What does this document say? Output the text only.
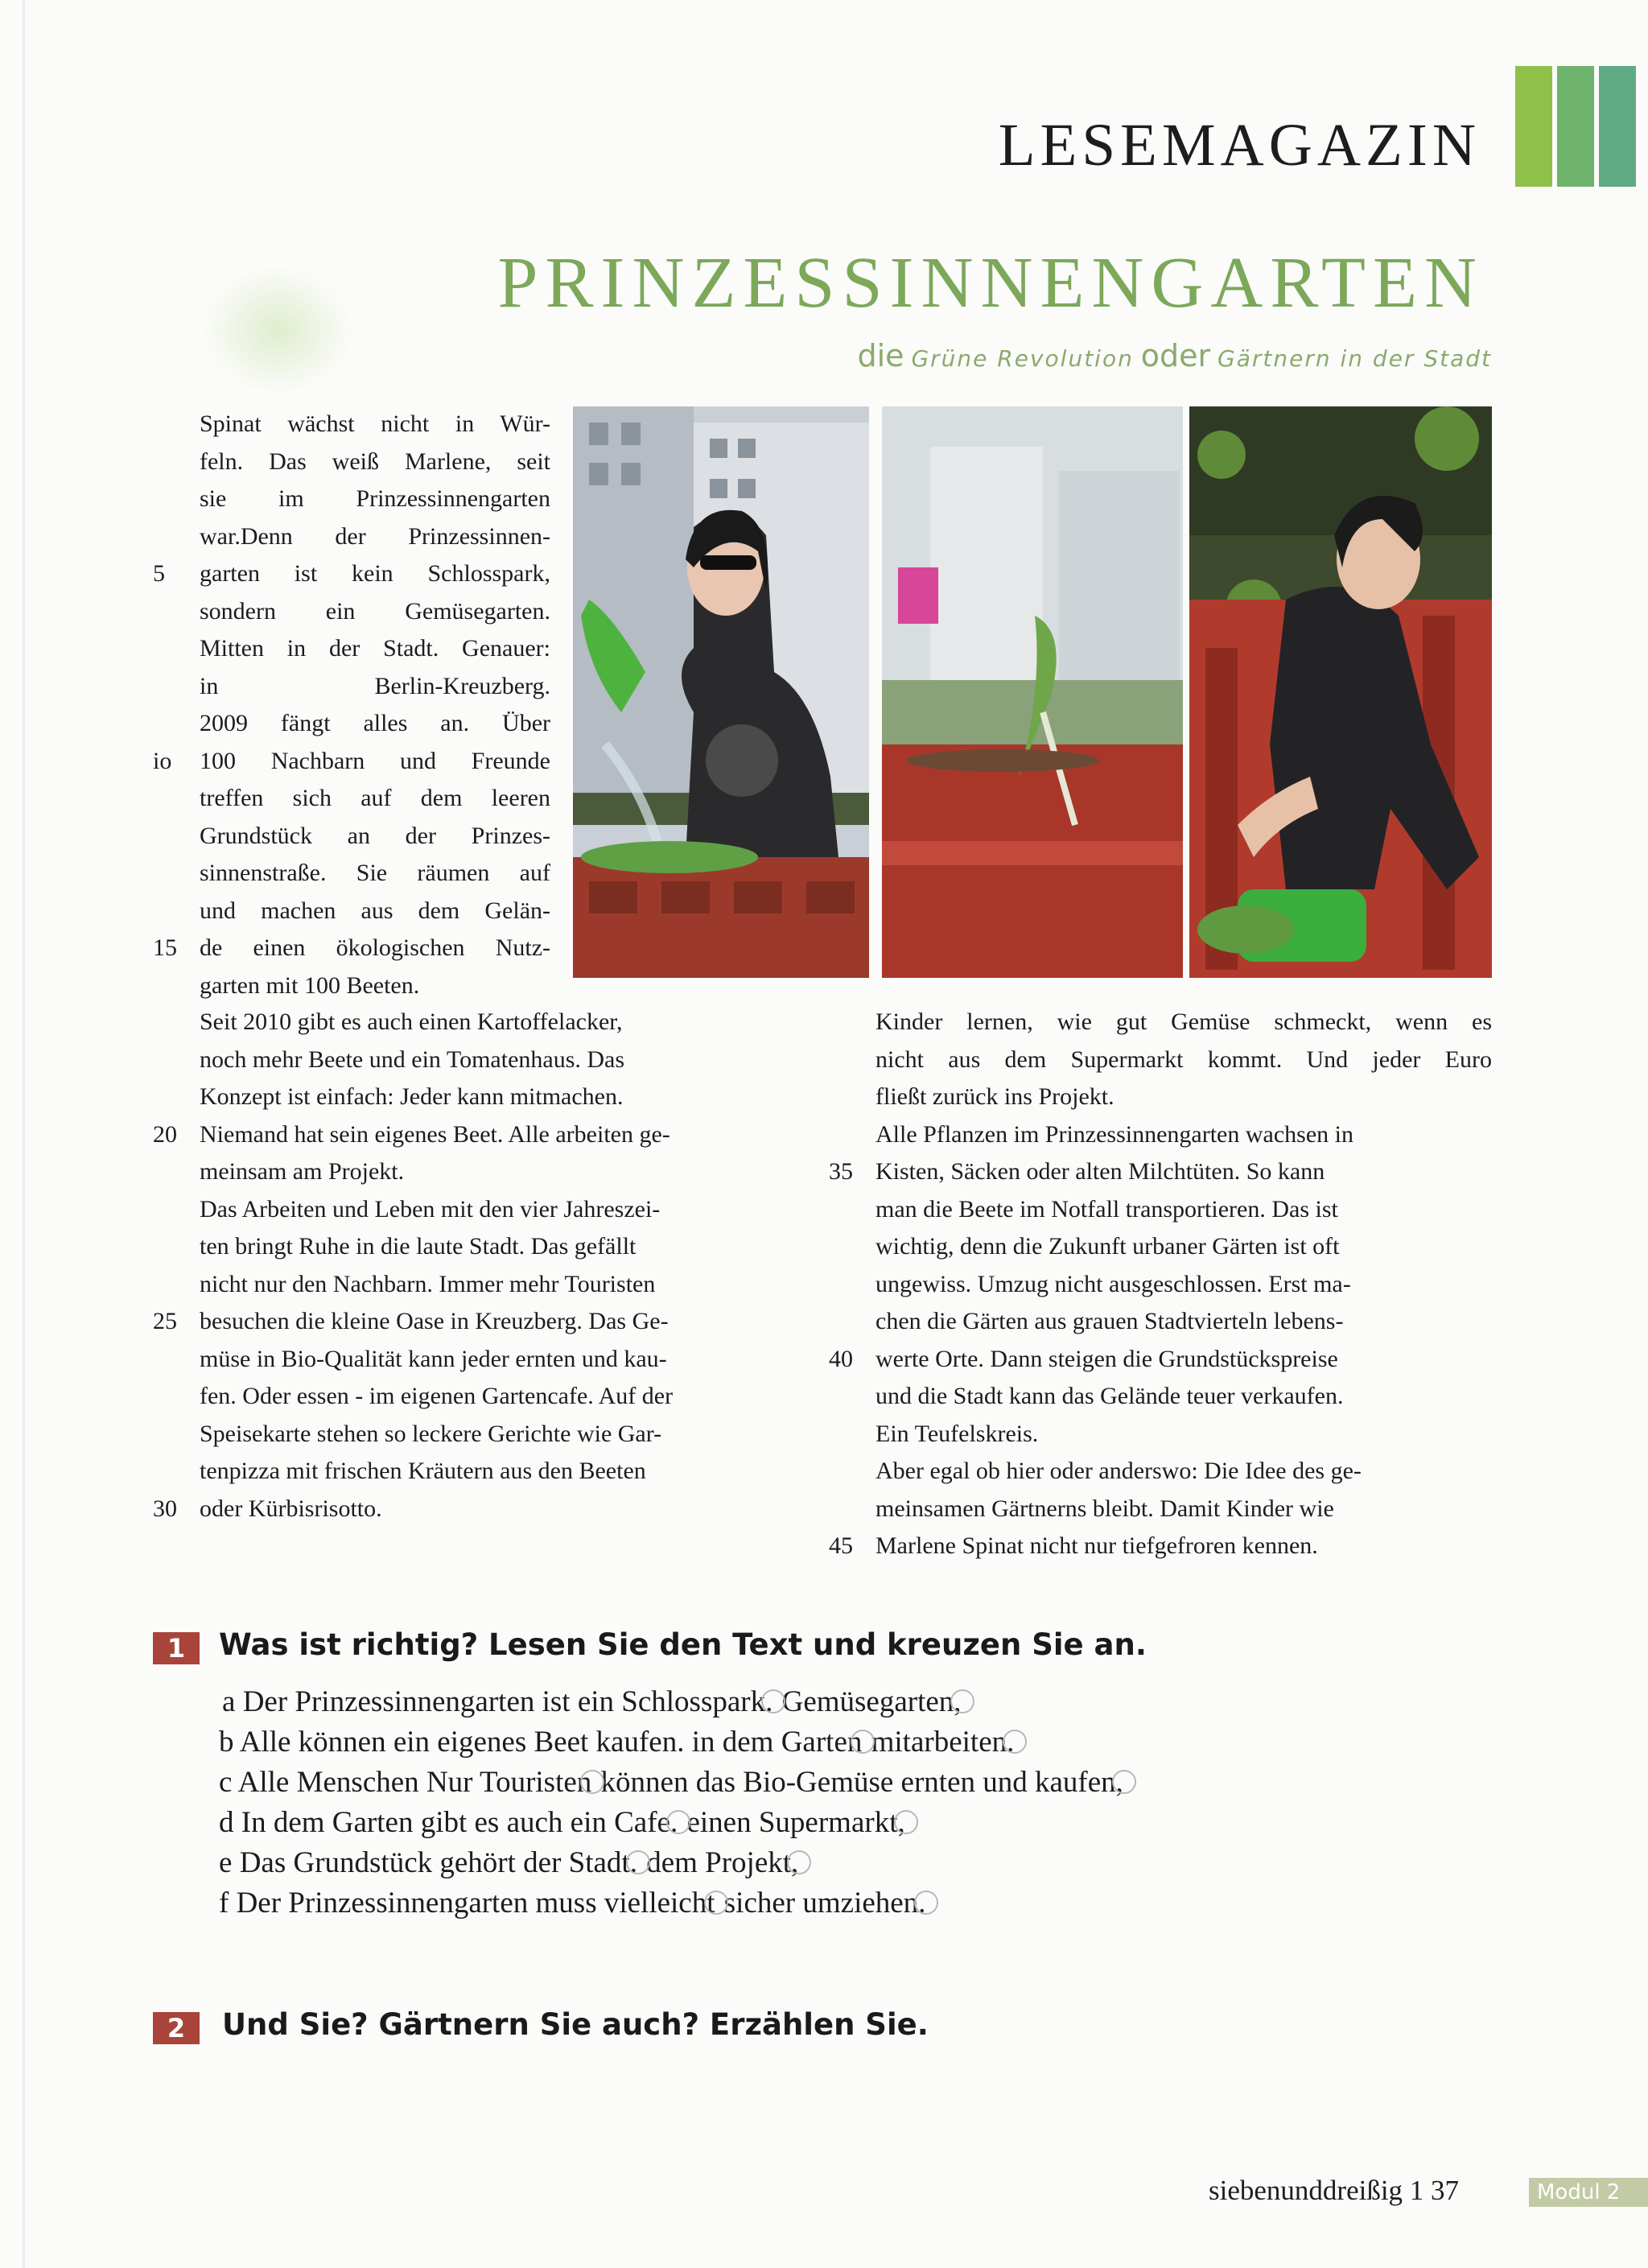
LESEMAGAZIN
PRINZESSINNENGARTEN
die Grüne Revolution oder Gärtnern in der Stadt
Spinat wächst nicht in Wür-
feln. Das weiß Marlene, seit
sie im Prinzessinnengarten
war.Denn der Prinzessinnen-
5	garten ist kein Schlosspark,
sondern ein Gemüsegarten.
Mitten in der Stadt. Genauer:
in Berlin-Kreuzberg.
2009 fängt alles an. Über
io	100 Nachbarn und Freunde
treffen sich auf dem leeren
Grundstück an der Prinzes-
sinnenstraße. Sie räumen auf
und machen aus dem Gelän-
15 de einen ökologischen Nutz-
garten mit 100 Beeten.
Seit 2010 gibt es auch einen Kartoffelacker,
noch mehr Beete und ein Tomatenhaus. Das
Konzept ist einfach: Jeder kann mitmachen.
20 Niemand hat sein eigenes Beet. Alle arbeiten ge-
meinsam am Projekt.
Das Arbeiten und Leben mit den vier Jahreszei-
ten bringt Ruhe in die laute Stadt. Das gefällt
nicht nur den Nachbarn. Immer mehr Touristen
25 besuchen die kleine Oase in Kreuzberg. Das Ge-
müse in Bio-Qualität kann jeder ernten und kau-
fen. Oder essen - im eigenen Gartencafe. Auf der
Speisekarte stehen so leckere Gerichte wie Gar-
tenpizza mit frischen Kräutern aus den Beeten
30 oder Kürbisrisotto.
Kinder lernen, wie gut Gemüse schmeckt, wenn es
nicht aus dem Supermarkt kommt. Und jeder Euro
fließt zurück ins Projekt.
Alle Pflanzen im Prinzessinnengarten wachsen in
35 Kisten, Säcken oder alten Milchtüten. So kann
man die Beete im Notfall transportieren. Das ist
wichtig, denn die Zukunft urbaner Gärten ist oft
ungewiss. Umzug nicht ausgeschlossen. Erst ma-
chen die Gärten aus grauen Stadtvierteln lebens-
40 werte Orte. Dann steigen die Grundstückspreise
und die Stadt kann das Gelände teuer verkaufen.
Ein Teufelskreis.
Aber egal ob hier oder anderswo: Die Idee des ge-
meinsamen Gärtnerns bleibt. Damit Kinder wie
45 Marlene Spinat nicht nur tiefgefroren kennen.
1	Was ist richtig? Lesen Sie den Text und kreuzen Sie an.
a Der Prinzessinnengarten ist ein Schlosspark. Gemüsegarten,
b Alle können ein eigenes Beet kaufen. in dem Garten mitarbeiten.
c Alle Menschen Nur Touristen können das Bio-Gemüse ernten und kaufen,
d In dem Garten gibt es auch ein Cafe. einen Supermarkt,
e Das Grundstück gehört der Stadt. dem Projekt,
f Der Prinzessinnengarten muss vielleicht sicher umziehen.
2	Und Sie? Gärtnern Sie auch? Erzählen Sie.
siebenunddreißig 1 37	Modul 2
